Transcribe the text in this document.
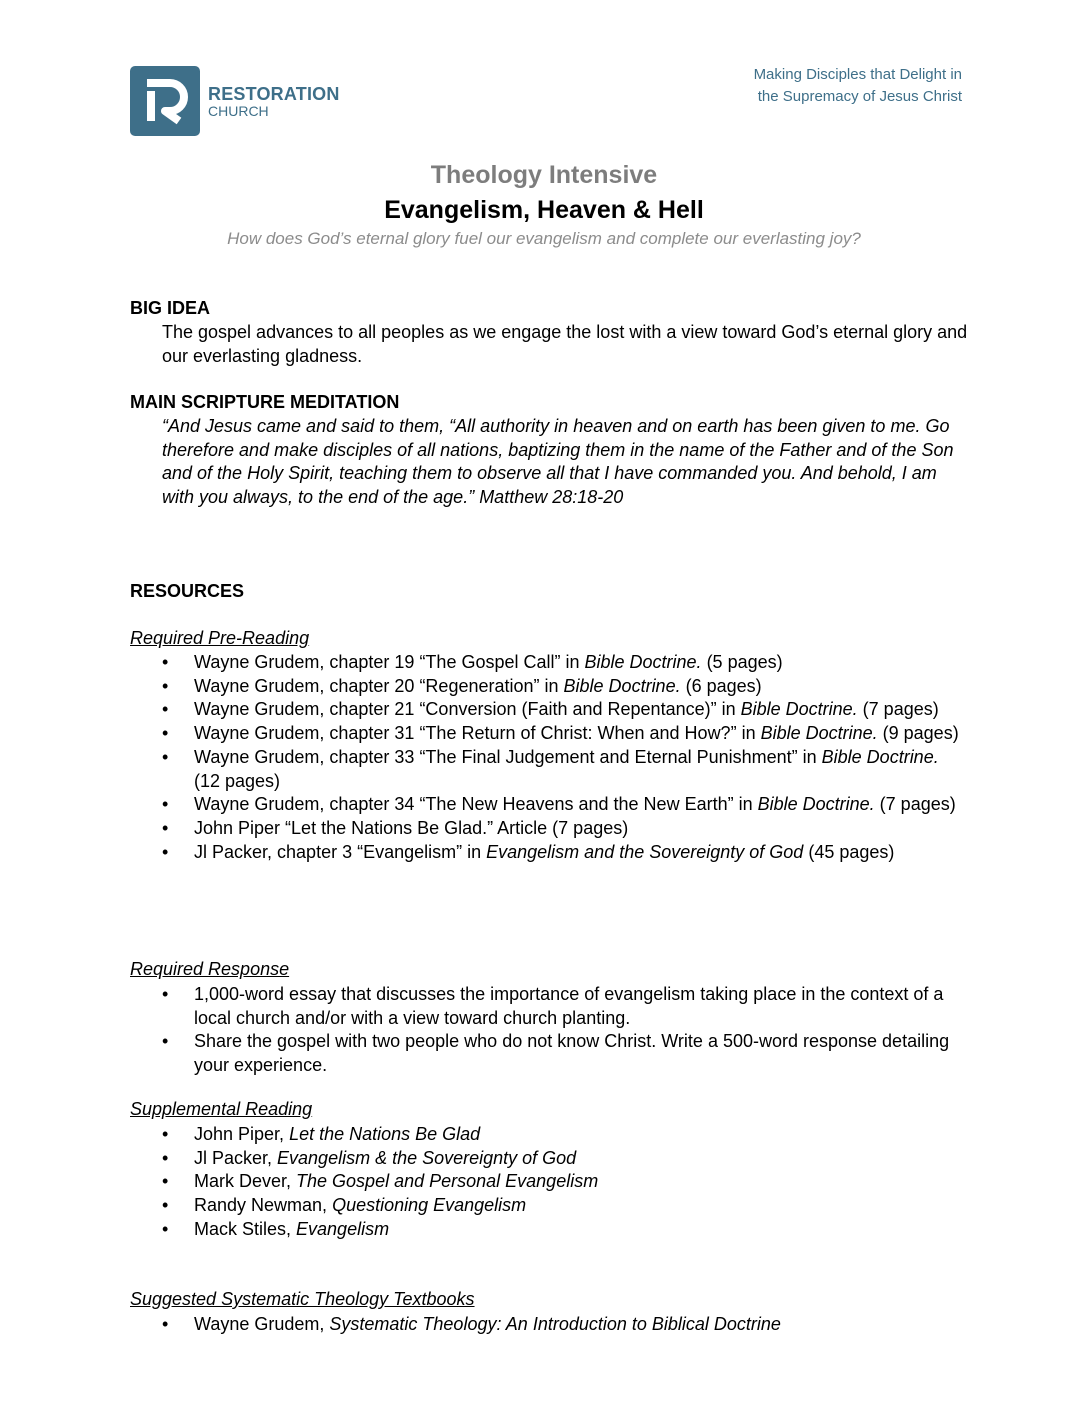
RESTORATION
CHURCH
Making Disciples that Delight in
the Supremacy of Jesus Christ
Theology Intensive
Evangelism, Heaven & Hell
How does God’s eternal glory fuel our evangelism and complete our everlasting joy?
BIG IDEA
The gospel advances to all peoples as we engage the lost with a view toward God’s eternal glory and our everlasting gladness.
MAIN SCRIPTURE MEDITATION
“And Jesus came and said to them, “All authority in heaven and on earth has been given to me. Go therefore and make disciples of all nations, baptizing them in the name of the Father and of the Son and of the Holy Spirit, teaching them to observe all that I have commanded you. And behold, I am with you always, to the end of the age.” Matthew 28:18-20
RESOURCES
Required Pre-Reading
• Wayne Grudem, chapter 19 “The Gospel Call” in Bible Doctrine. (5 pages)
• Wayne Grudem, chapter 20 “Regeneration” in Bible Doctrine. (6 pages)
• Wayne Grudem, chapter 21 “Conversion (Faith and Repentance)” in Bible Doctrine. (7 pages)
• Wayne Grudem, chapter 31 “The Return of Christ: When and How?” in Bible Doctrine. (9 pages)
• Wayne Grudem, chapter 33 “The Final Judgement and Eternal Punishment” in Bible Doctrine. (12 pages)
• Wayne Grudem, chapter 34 “The New Heavens and the New Earth” in Bible Doctrine. (7 pages)
• John Piper “Let the Nations Be Glad.” Article (7 pages)
• Jl Packer, chapter 3 “Evangelism” in Evangelism and the Sovereignty of God (45 pages)
Required Response
• 1,000-word essay that discusses the importance of evangelism taking place in the context of a local church and/or with a view toward church planting.
• Share the gospel with two people who do not know Christ. Write a 500-word response detailing your experience.
Supplemental Reading
• John Piper, Let the Nations Be Glad
• Jl Packer, Evangelism & the Sovereignty of God
• Mark Dever, The Gospel and Personal Evangelism
• Randy Newman, Questioning Evangelism
• Mack Stiles, Evangelism
Suggested Systematic Theology Textbooks
• Wayne Grudem, Systematic Theology: An Introduction to Biblical Doctrine
